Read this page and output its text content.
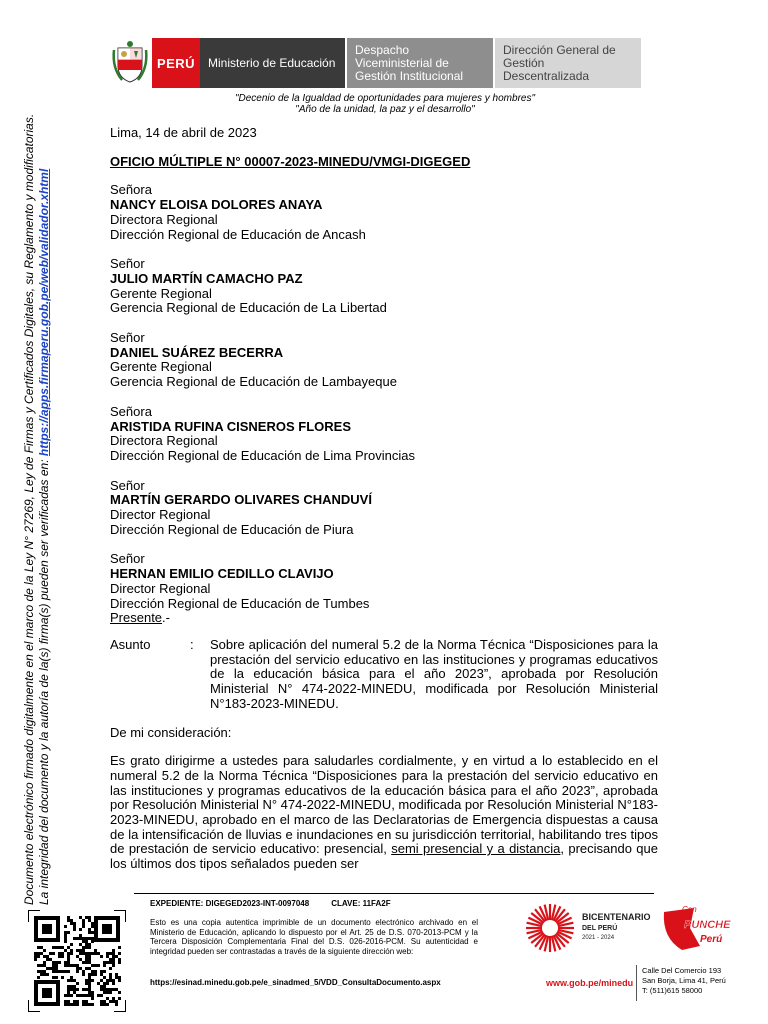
PERÚ	Ministerio de Educación
Despacho Viceministerial de Gestión Institucional
Dirección General de Gestión Descentralizada
"Decenio de la Igualdad de oportunidades para mujeres y hombres"
"Año de la unidad, la paz y el desarrollo"
Documento electrónico firmado digitalmente en el marco de la Ley N° 27269, Ley de Firmas y Certificados Digitales, su Reglamento y modificatorias. La integridad del documento y la autoría de la(s) firma(s) pueden ser verificadas en: https://apps.firmaperu.gob.pe/web/validador.xhtml
Lima, 14 de abril de 2023
OFICIO MÚLTIPLE N° 00007-2023-MINEDU/VMGI-DIGEGED
Señora
NANCY ELOISA DOLORES ANAYA
Directora Regional
Dirección Regional de Educación de Ancash
Señor
JULIO MARTÍN CAMACHO PAZ
Gerente Regional
Gerencia Regional de Educación de La Libertad
Señor
DANIEL SUÁREZ BECERRA
Gerente Regional
Gerencia Regional de Educación de Lambayeque
Señora
ARISTIDA RUFINA CISNEROS FLORES
Directora Regional
Dirección Regional de Educación de Lima Provincias
Señor
MARTÍN GERARDO OLIVARES CHANDUVÍ
Director Regional
Dirección Regional de Educación de Piura
Señor
HERNAN EMILIO CEDILLO CLAVIJO
Director Regional
Dirección Regional de Educación de Tumbes
Presente.-
Asunto	:	Sobre aplicación del numeral 5.2 de la Norma Técnica “Disposiciones para la prestación del servicio educativo en las instituciones y programas educativos de la educación básica para el año 2023”, aprobada por Resolución Ministerial N° 474-2022-MINEDU, modificada por Resolución Ministerial N°183-2023-MINEDU.
De mi consideración:
Es grato dirigirme a ustedes para saludarles cordialmente, y en virtud a lo establecido en el numeral 5.2 de la Norma Técnica “Disposiciones para la prestación del servicio educativo en las instituciones y programas educativos de la educación básica para el año 2023”, aprobada por Resolución Ministerial N° 474-2022-MINEDU, modificada por Resolución Ministerial N°183-2023-MINEDU, aprobado en el marco de las Declaratorias de Emergencia dispuestas a causa de la intensificación de lluvias e inundaciones en su jurisdicción territorial, habilitando tres tipos de prestación de servicio educativo: presencial, semi presencial y a distancia, precisando que los últimos dos tipos señalados pueden ser
EXPEDIENTE: DIGEGED2023-INT-0097048	CLAVE: 11FA2F
Esto es una copia autentica imprimible de un documento electrónico archivado en el Ministerio de Educación, aplicando lo dispuesto por el Art. 25 de D.S. 070-2013-PCM y la Tercera Disposición Complementaria Final del D.S. 026-2016-PCM. Su autenticidad e integridad pueden ser contrastadas a través de la siguiente dirección web:
https://esinad.minedu.gob.pe/e_sinadmed_5/VDD_ConsultaDocumento.aspx
BICENTENARIO
DEL PERÚ
2021 - 2024
Con
PUNCHE
Perú
www.gob.pe/minedu
Calle Del Comercio 193
San Borja, Lima 41, Perú
T: (511)615 58000
